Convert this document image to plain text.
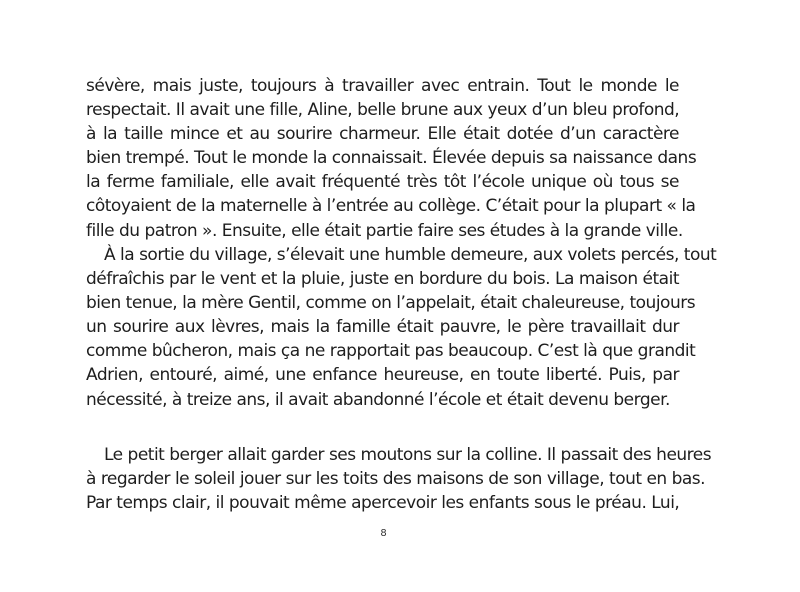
sévère, mais juste, toujours à travailler avec entrain. Tout le monde le
respectait. Il avait une fille, Aline, belle brune aux yeux d’un bleu profond,
à la taille mince et au sourire charmeur. Elle était dotée d’un caractère
bien trempé. Tout le monde la connaissait. Élevée depuis sa naissance dans
la ferme familiale, elle avait fréquenté très tôt l’école unique où tous se
côtoyaient de la maternelle à l’entrée au collège. C’était pour la plupart « la
fille du patron ». Ensuite, elle était partie faire ses études à la grande ville.
À la sortie du village, s’élevait une humble demeure, aux volets percés, tout
défraîchis par le vent et la pluie, juste en bordure du bois. La maison était
bien tenue, la mère Gentil, comme on l’appelait, était chaleureuse, toujours
un sourire aux lèvres, mais la famille était pauvre, le père travaillait dur
comme bûcheron, mais ça ne rapportait pas beaucoup. C’est là que grandit
Adrien, entouré, aimé, une enfance heureuse, en toute liberté. Puis, par
nécessité, à treize ans, il avait abandonné l’école et était devenu berger.
Le petit berger allait garder ses moutons sur la colline. Il passait des heures
à regarder le soleil jouer sur les toits des maisons de son village, tout en bas.
Par temps clair, il pouvait même apercevoir les enfants sous le préau. Lui,
8
